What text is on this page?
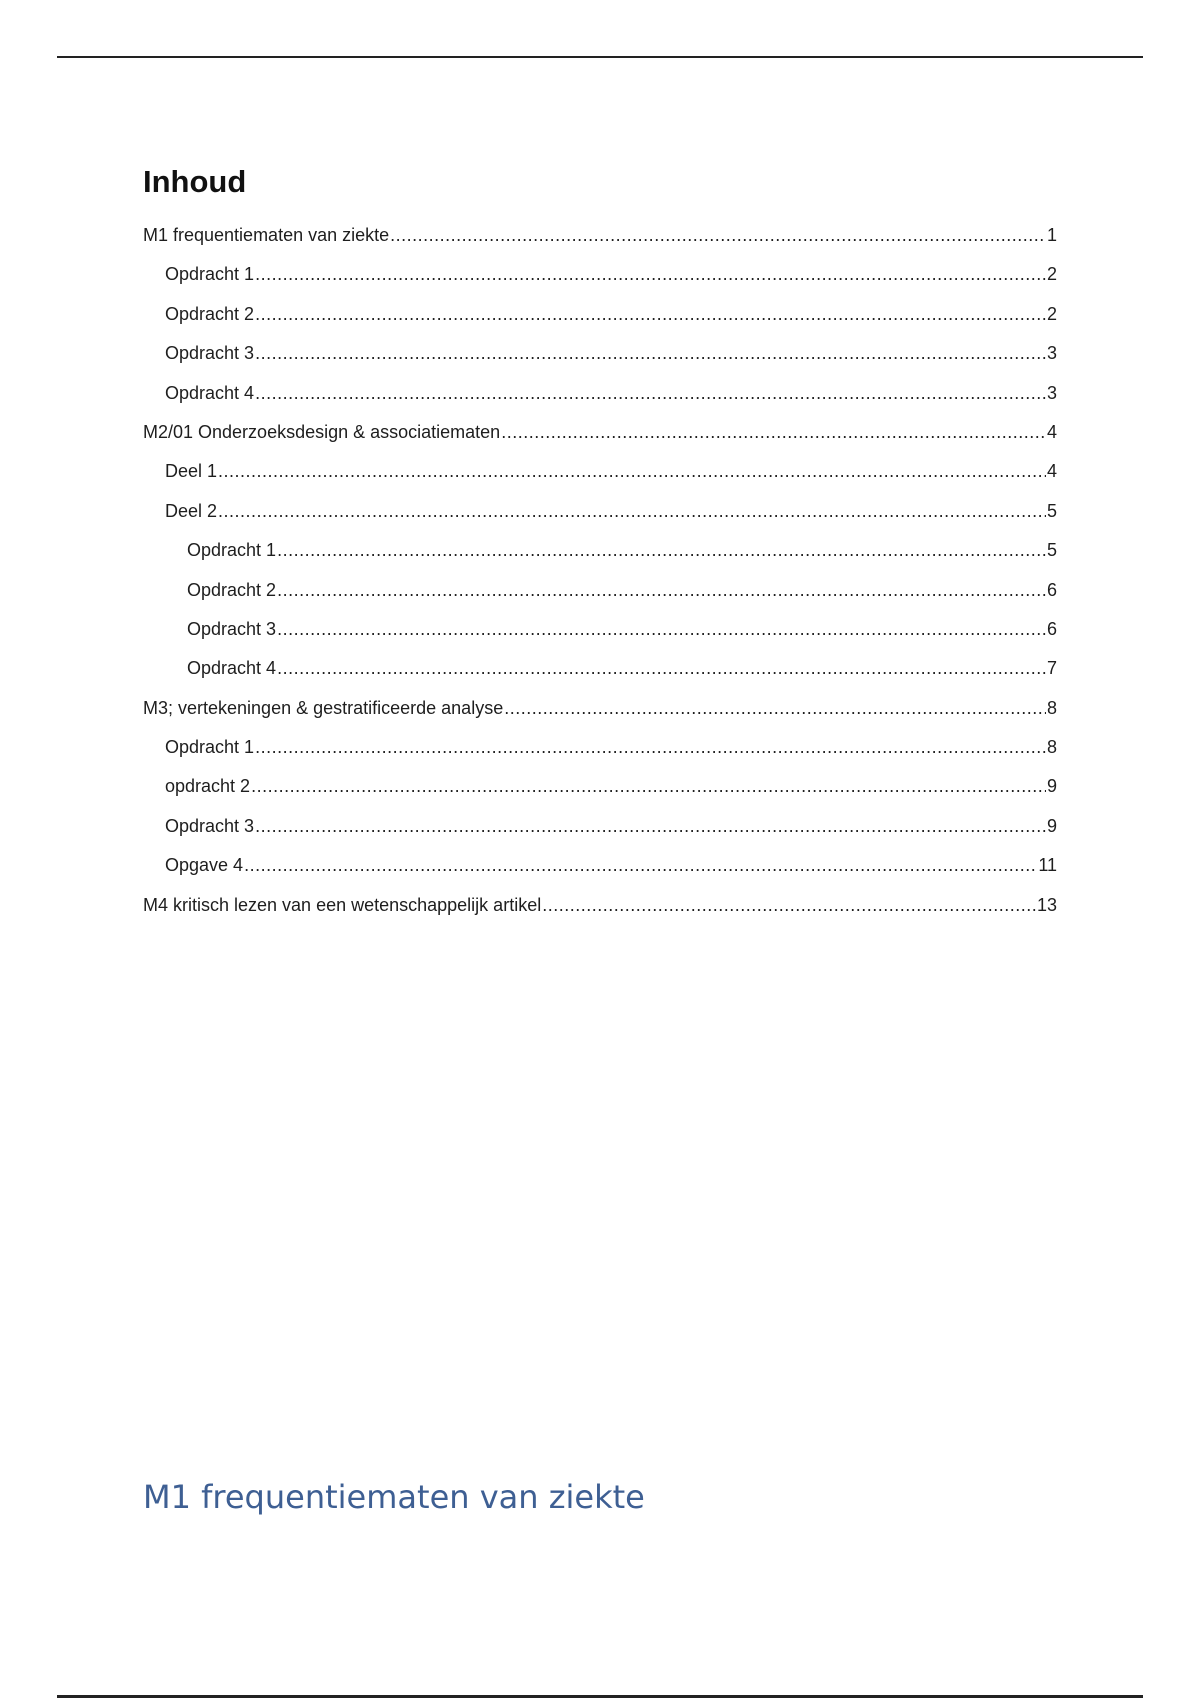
Inhoud
M1 frequentiematen van ziekte .....	1
Opdracht 1 .....	2
Opdracht 2 .....	2
Opdracht 3 .....	3
Opdracht 4 .....	3
M2/01 Onderzoeksdesign & associatiematen .....	4
Deel 1 .....	4
Deel 2 .....	5
Opdracht 1 .....	5
Opdracht 2 .....	6
Opdracht 3 .....	6
Opdracht 4 .....	7
M3; vertekeningen & gestratificeerde analyse .....	8
Opdracht 1 .....	8
opdracht 2 .....	9
Opdracht 3 .....	9
Opgave 4 .....	11
M4 kritisch lezen van een wetenschappelijk artikel .....	13
M1 frequentiematen van ziekte
